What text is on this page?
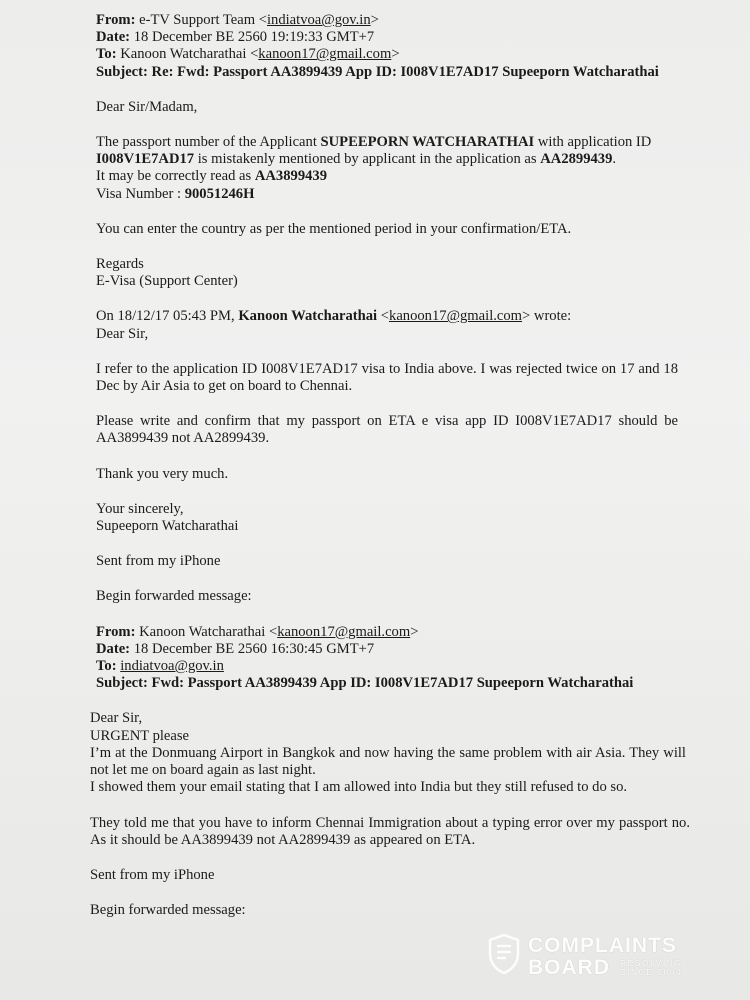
From: e-TV Support Team <indiatvoa@gov.in>
Date: 18 December BE 2560 19:19:33 GMT+7
To: Kanoon Watcharathai <kanoon17@gmail.com>
Subject: Re: Fwd: Passport AA3899439 App ID: I008V1E7AD17 Supeeporn Watcharathai
Dear Sir/Madam,
The passport number of the Applicant SUPEEPORN WATCHARATHAI with application ID
I008V1E7AD17 is mistakenly mentioned by applicant in the application as AA2899439.
It may be correctly read as AA3899439
Visa Number : 90051246H
You can enter the country as per the mentioned period in your confirmation/ETA.
Regards
E-Visa (Support Center)
On 18/12/17 05:43 PM, Kanoon Watcharathai <kanoon17@gmail.com> wrote:
Dear Sir,
I refer to the application ID I008V1E7AD17 visa to India above. I was rejected twice on 17 and 18 Dec by Air Asia to get on board to Chennai.
Please write and confirm that my passport on ETA e visa app ID I008V1E7AD17 should be AA3899439 not AA2899439.
Thank you very much.
Your sincerely,
Supeeporn Watcharathai
Sent from my iPhone
Begin forwarded message:
From: Kanoon Watcharathai <kanoon17@gmail.com>
Date: 18 December BE 2560 16:30:45 GMT+7
To: indiatvoa@gov.in
Subject: Fwd: Passport AA3899439 App ID: I008V1E7AD17 Supeeporn Watcharathai
Dear Sir,
URGENT please
I’m at the Donmuang Airport in Bangkok and now having the same problem with air Asia. They will not let me on board again as last night.
I showed them your email stating that I am allowed into India but they still refused to do so.
They told me that you have to inform Chennai Immigration about a typing error over my passport no. As it should be AA3899439 not AA2899439 as appeared on ETA.
Sent from my iPhone
Begin forwarded message:
COMPLAINTS
BOARD RESOLVING
SINCE 2004
